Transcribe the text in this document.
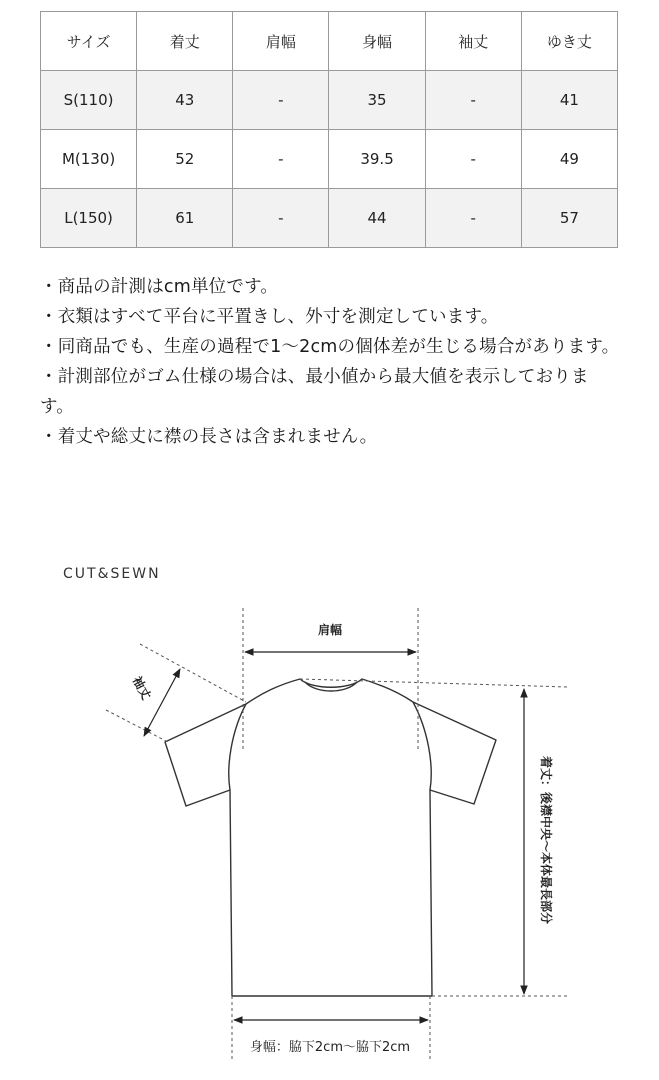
サイズ	着丈	肩幅	身幅	袖丈	ゆき丈
S(110)	43	-	35	-	41
M(130)	52	-	39.5	-	49
L(150)	61	-	44	-	57
・商品の計測はcm単位です。
・衣類はすべて平台に平置きし、外寸を測定しています。
・同商品でも、生産の過程で1〜2cmの個体差が生じる場合があります。
・計測部位がゴム仕様の場合は、最小値から最大値を表示しております。
・着丈や総丈に襟の長さは含まれません。
CUT&SEWN
肩幅
袖丈
着丈：後襟中央〜本体最長部分
身幅：脇下2cm〜脇下2cm
